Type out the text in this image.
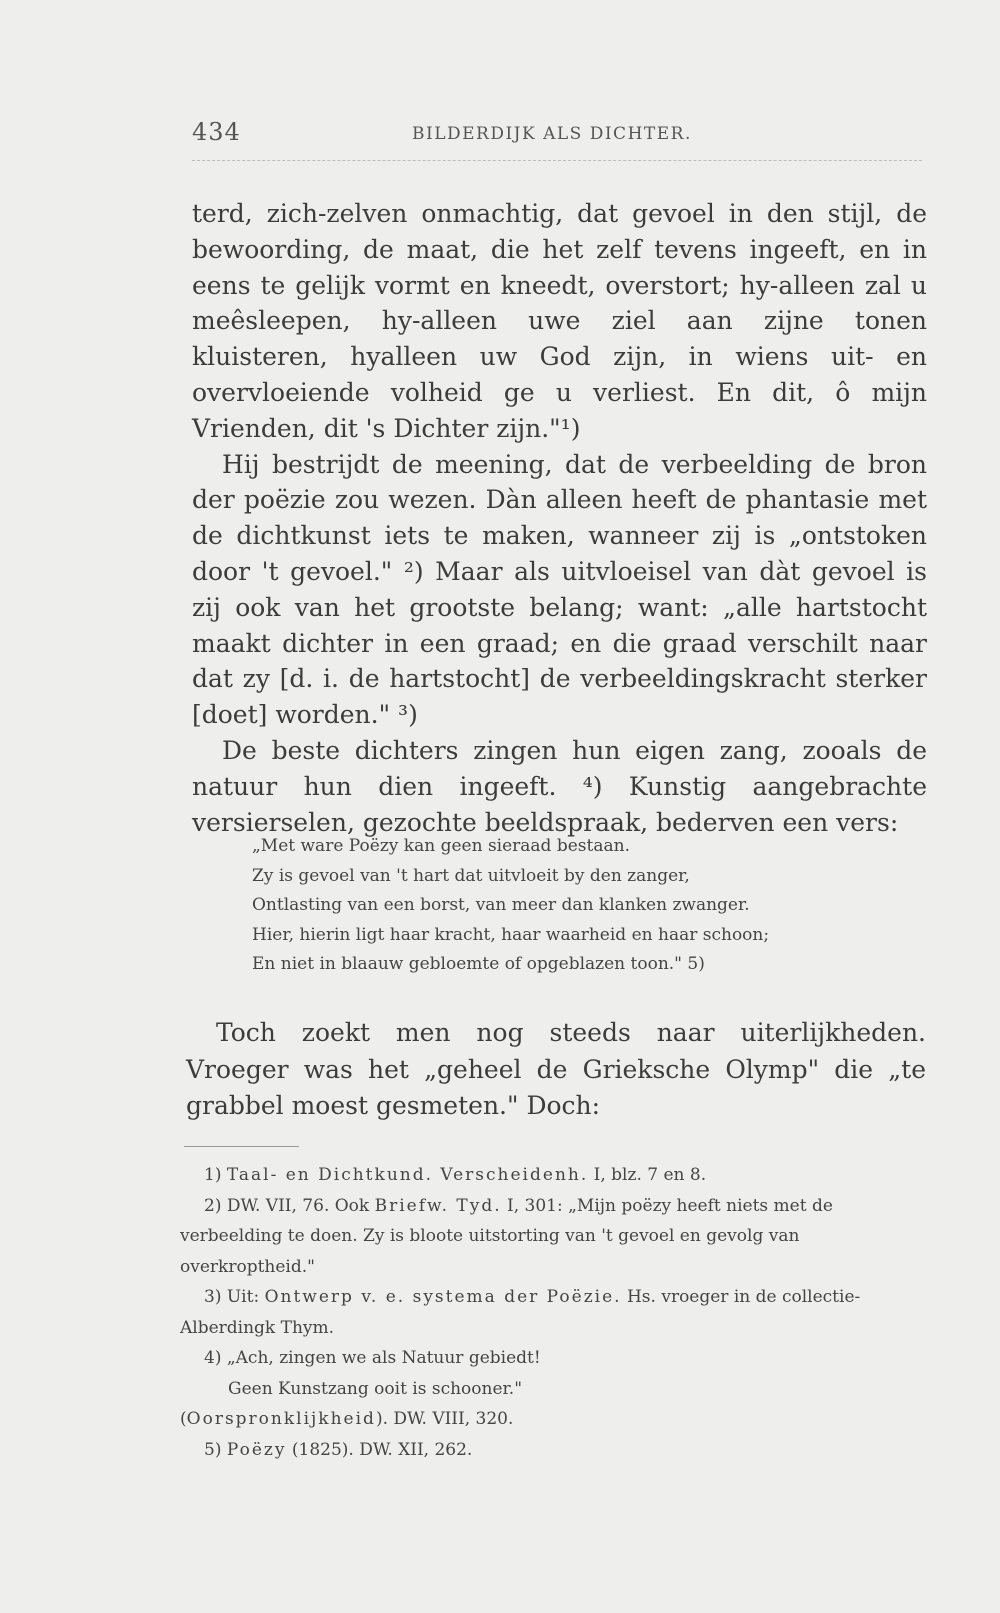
434	BILDERDIJK ALS DICHTER.

terd, zich-zelven onmachtig, dat gevoel in den stijl, de bewoording, de maat, die het zelf tevens ingeeft, en in eens te gelijk vormt en kneedt, overstort; hy-alleen zal u meêsleepen, hy-alleen uwe ziel aan zijne tonen kluisteren, hyalleen uw God zijn, in wiens uit- en overvloeiende volheid ge u verliest. En dit, ô mijn Vrienden, dit 's Dichter zijn."¹)

Hij bestrijdt de meening, dat de verbeelding de bron der poëzie zou wezen. Dàn alleen heeft de phantasie met de dichtkunst iets te maken, wanneer zij is „ontstoken door 't gevoel." ²) Maar als uitvloeisel van dàt gevoel is zij ook van het grootste belang; want: „alle hartstocht maakt dichter in een graad; en die graad verschilt naar dat zy [d. i. de hartstocht] de verbeeldingskracht sterker [doet] worden." ³)

De beste dichters zingen hun eigen zang, zooals de natuur hun dien ingeeft. ⁴) Kunstig aangebrachte versierselen, gezochte beeldspraak, bederven een vers:

„Met ware Poëzy kan geen sieraad bestaan.
Zy is gevoel van 't hart dat uitvloeit by den zanger,
Ontlasting van een borst, van meer dan klanken zwanger.
Hier, hierin ligt haar kracht, haar waarheid en haar schoon;
En niet in blaauw gebloemte of opgeblazen toon." 5)

Toch zoekt men nog steeds naar uiterlijkheden. Vroeger was het „geheel de Grieksche Olymp" die „te grabbel moest gesmeten." Doch:

1) Taal- en Dichtkund. Verscheidenh. I, blz. 7 en 8.
2) DW. VII, 76. Ook Briefw. Tyd. I, 301: „Mijn poëzy heeft niets met de verbeelding te doen. Zy is bloote uitstorting van 't gevoel en gevolg van overkroptheid."
3) Uit: Ontwerp v. e. systema der Poëzie. Hs. vroeger in de collectie-Alberdingk Thym.
4) „Ach, zingen we als Natuur gebiedt!
Geen Kunstzang ooit is schooner."
(Oorspronklijkheid). DW. VIII, 320.
5) Poëzy (1825). DW. XII, 262.
